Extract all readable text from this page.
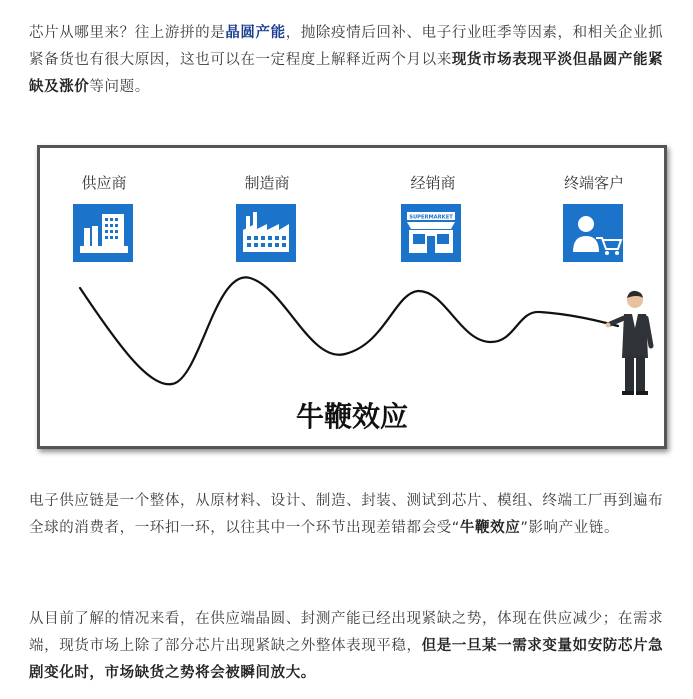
芯片从哪里来？往上游拼的是晶圆产能，抛除疫情后回补、电子行业旺季等因素，和相关企业抓紧备货也有很大原因，这也可以在一定程度上解释近两个月以来现货市场表现平淡但晶圆产能紧缺及涨价等问题。

供应商	制造商	经销商	终端客户
SUPERMARKET
牛鞭效应

电子供应链是一个整体，从原材料、设计、制造、封装、测试到芯片、模组、终端工厂再到遍布全球的消费者，一环扣一环，以往其中一个环节出现差错都会受“牛鞭效应”影响产业链。

从目前了解的情况来看，在供应端晶圆、封测产能已经出现紧缺之势，体现在供应减少；在需求端，现货市场上除了部分芯片出现紧缺之外整体表现平稳，但是一旦某一需求变量如安防芯片急剧变化时，市场缺货之势将会被瞬间放大。
